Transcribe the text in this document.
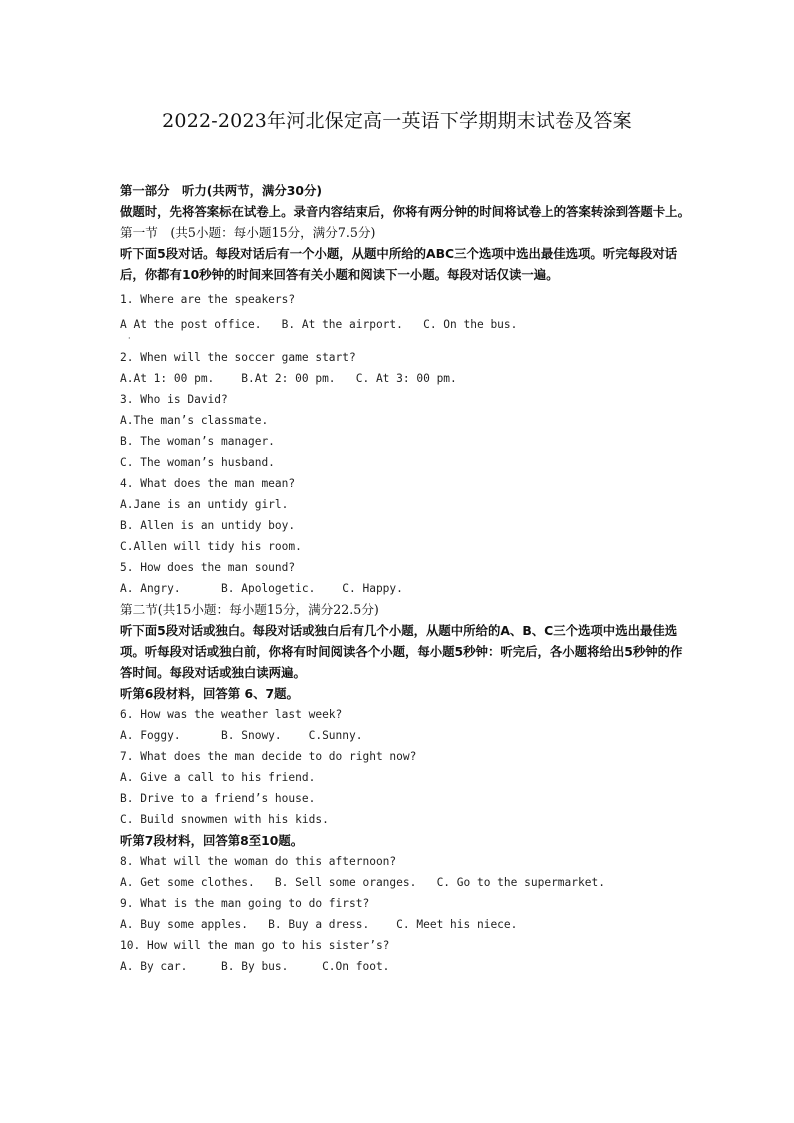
2022-2023年河北保定高一英语下学期期末试卷及答案
第一部分　听力(共两节，满分30分)
做题时，先将答案标在试卷上。录音内容结束后，你将有两分钟的时间将试卷上的答案转涂到答题卡上。
第一节　(共5小题：每小题15分，满分7.5分)
听下面5段对话。每段对话后有一个小题，从题中所给的ABC三个选项中选出最佳选项。听完每段对话后，你都有10秒钟的时间来回答有关小题和阅读下一小题。每段对话仅读一遍。
1. Where are the speakers?
A At the post office.   B. At the airport.   C. On the bus.
·
2. When will the soccer game start?
A.At 1: 00 pm.    B.At 2: 00 pm.   C. At 3: 00 pm.
3. Who is David?
A.The man’s classmate.
B. The woman’s manager.
C. The woman’s husband.
4. What does the man mean?
A.Jane is an untidy girl.
B. Allen is an untidy boy.
C.Allen will tidy his room.
5. How does the man sound?
A. Angry.      B. Apologetic.    C. Happy.
第二节(共15小题：每小题15分，满分22.5分)
听下面5段对话或独白。每段对话或独白后有几个小题，从题中所给的A、B、C三个选项中选出最佳选项。听每段对话或独白前，你将有时间阅读各个小题，每小题5秒钟：听完后，各小题将给出5秒钟的作答时间。每段对话或独白读两遍。
听第6段材料，回答第 6、7题。
6. How was the weather last week?
A. Foggy.      B. Snowy.    C.Sunny.
7. What does the man decide to do right now?
A. Give a call to his friend.
B. Drive to a friend’s house.
C. Build snowmen with his kids.
听第7段材料，回答第8至10题。
8. What will the woman do this afternoon?
A. Get some clothes.   B. Sell some oranges.   C. Go to the supermarket.
9. What is the man going to do first?
A. Buy some apples.   B. Buy a dress.    C. Meet his niece.
10. How will the man go to his sister’s?
A. By car.     B. By bus.     C.On foot.
